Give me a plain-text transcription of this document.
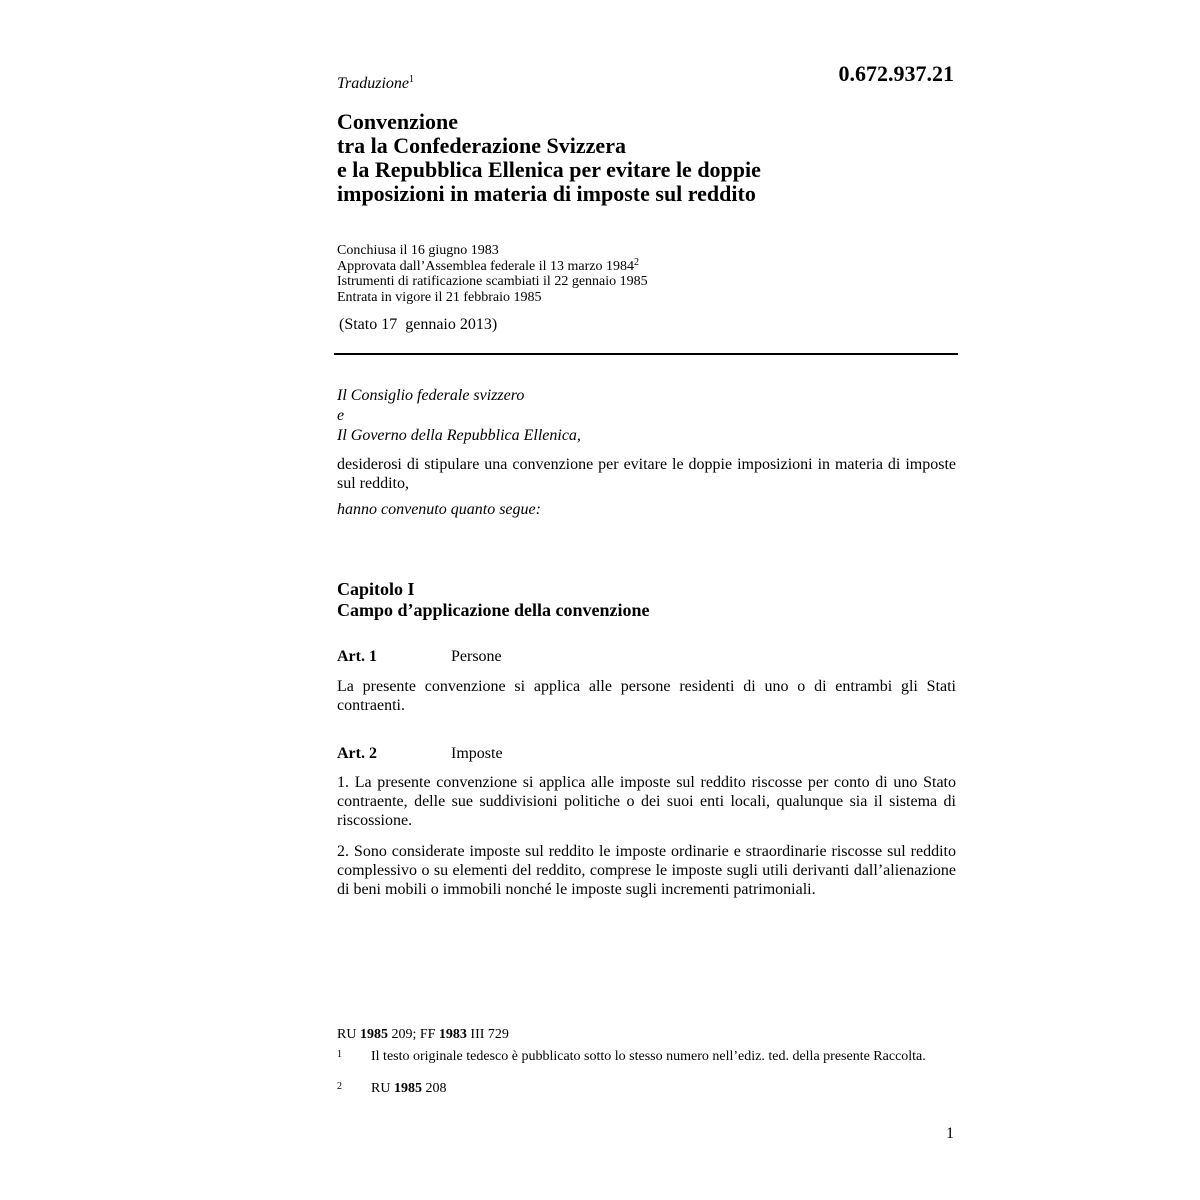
Traduzione$^1$	0.672.937.21
Convenzione
tra la Confederazione Svizzera
e la Repubblica Ellenica per evitare le doppie
imposizioni in materia di imposte sul reddito
Conchiusa il 16 giugno 1983
Approvata dall’Assemblea federale il 13 marzo 1984$^2$
Istrumenti di ratificazione scambiati il 22 gennaio 1985
Entrata in vigore il 21 febbraio 1985
(Stato 17  gennaio 2013)
Il Consiglio federale svizzero
e
Il Governo della Repubblica Ellenica,
desiderosi di stipulare una convenzione per evitare le doppie imposizioni in materia di imposte sul reddito,
hanno convenuto quanto segue:
Capitolo I
Campo d’applicazione della convenzione
Art. 1	Persone
La presente convenzione si applica alle persone residenti di uno o di entrambi gli Stati contraenti.
Art. 2	Imposte
1. La presente convenzione si applica alle imposte sul reddito riscosse per conto di uno Stato contraente, delle sue suddivisioni politiche o dei suoi enti locali, qualunque sia il sistema di riscossione.
2. Sono considerate imposte sul reddito le imposte ordinarie e straordinarie riscosse sul reddito complessivo o su elementi del reddito, comprese le imposte sugli utili derivanti dall’alienazione di beni mobili o immobili nonché le imposte sugli incrementi patrimoniali.
RU 1985 209; FF 1983 III 729
1 Il testo originale tedesco è pubblicato sotto lo stesso numero nell’ediz. ted. della presente Raccolta.
2 RU 1985 208
1
